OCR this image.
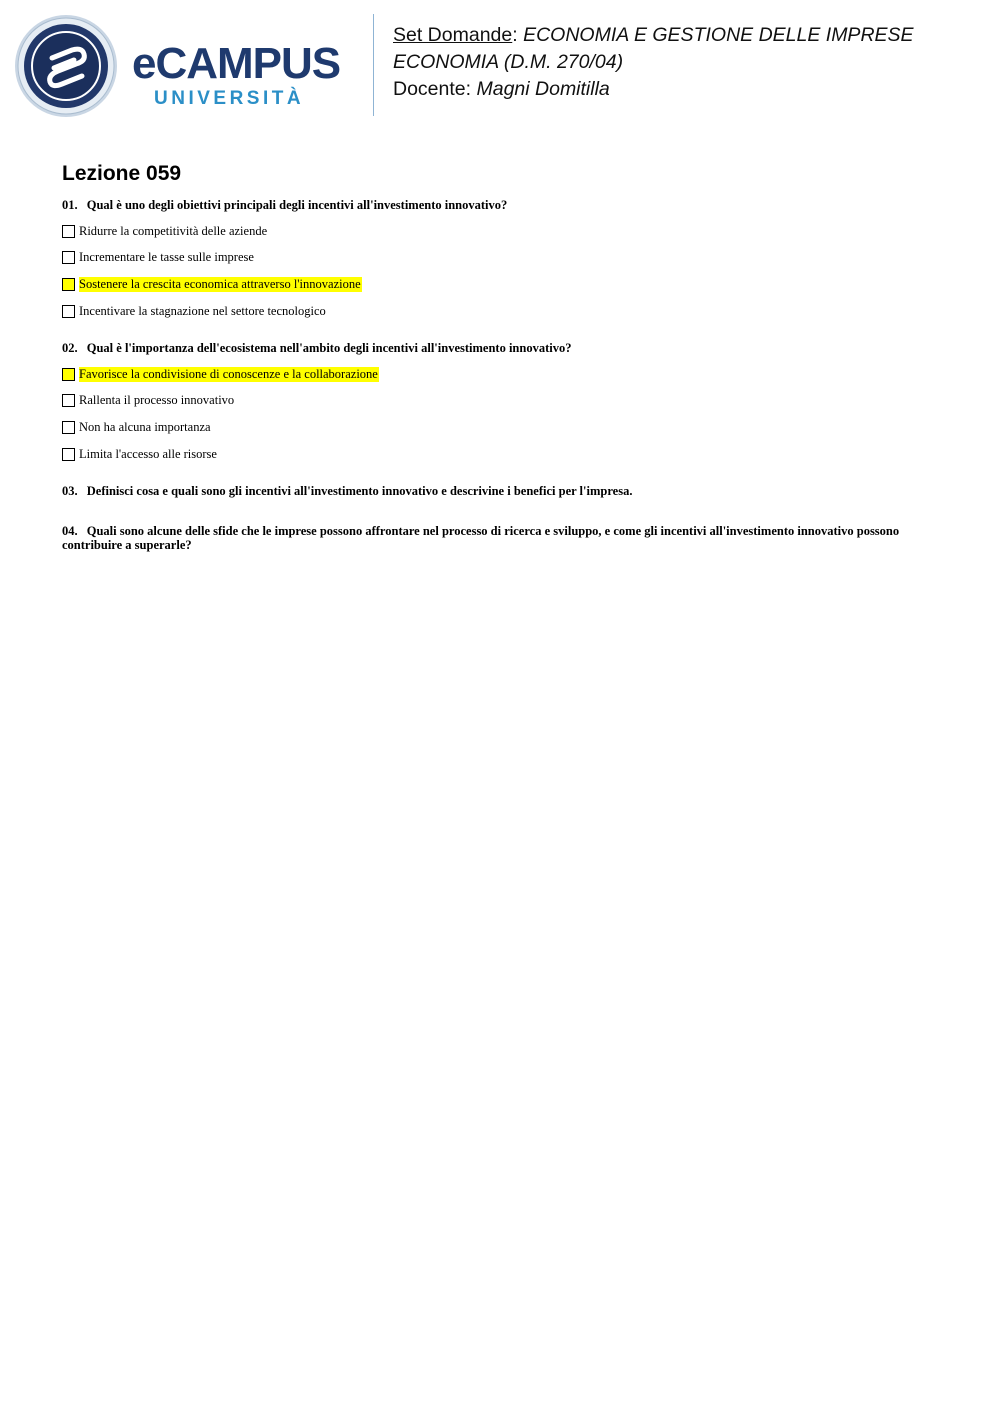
eCAMPUS
UNIVERSITÀ
Set Domande: ECONOMIA E GESTIONE DELLE IMPRESE ECONOMIA (D.M. 270/04)
Docente: Magni Domitilla
Lezione 059
01. Qual è uno degli obiettivi principali degli incentivi all'investimento innovativo?
Ridurre la competitività delle aziende
Incrementare le tasse sulle imprese
Sostenere la crescita economica attraverso l'innovazione
Incentivare la stagnazione nel settore tecnologico
02. Qual è l'importanza dell'ecosistema nell'ambito degli incentivi all'investimento innovativo?
Favorisce la condivisione di conoscenze e la collaborazione
Rallenta il processo innovativo
Non ha alcuna importanza
Limita l'accesso alle risorse
03. Definisci cosa e quali sono gli incentivi all'investimento innovativo e descrivine i benefici per l'impresa.
04. Quali sono alcune delle sfide che le imprese possono affrontare nel processo di ricerca e sviluppo, e come gli incentivi all'investimento innovativo possono contribuire a superarle?
